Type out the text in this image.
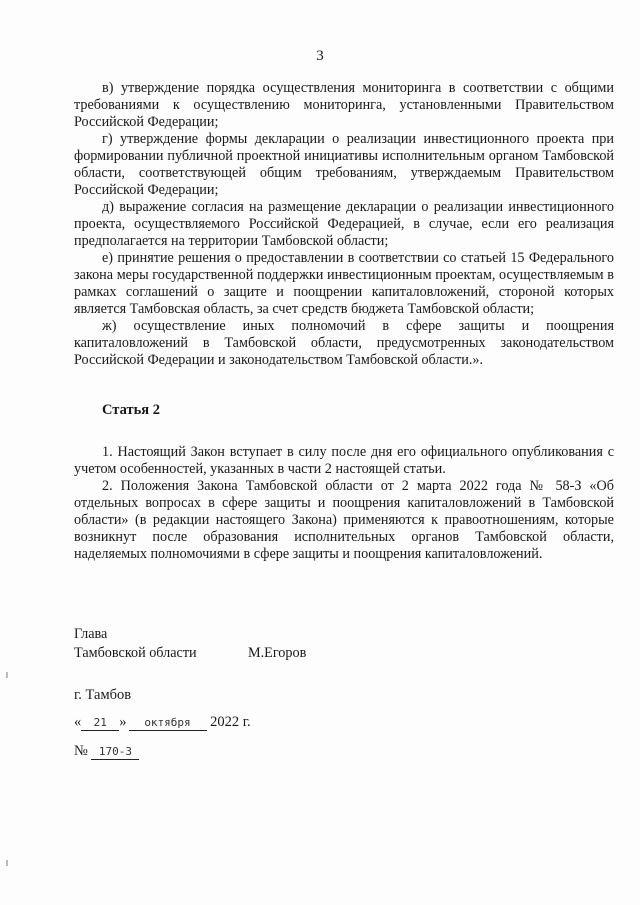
3

в) утверждение порядка осуществления мониторинга в соответствии с общими требованиями к осуществлению мониторинга, установленными Правительством Российской Федерации;

г) утверждение формы декларации о реализации инвестиционного проекта при формировании публичной проектной инициативы исполнительным органом Тамбовской области, соответствующей общим требованиям, утверждаемым Правительством Российской Федерации;

д) выражение согласия на размещение декларации о реализации инвестиционного проекта, осуществляемого Российской Федерацией, в случае, если его реализация предполагается на территории Тамбовской области;

е) принятие решения о предоставлении в соответствии со статьей 15 Федерального закона меры государственной поддержки инвестиционным проектам, осуществляемым в рамках соглашений о защите и поощрении капиталовложений, стороной которых является Тамбовская область, за счет средств бюджета Тамбовской области;

ж) осуществление иных полномочий в сфере защиты и поощрения капиталовложений в Тамбовской области, предусмотренных законодательством Российской Федерации и законодательством Тамбовской области.».

Статья 2

1. Настоящий Закон вступает в силу после дня его официального опубликования с учетом особенностей, указанных в части 2 настоящей статьи.

2. Положения Закона Тамбовской области от 2 марта 2022 года № 58-З «Об отдельных вопросах в сфере защиты и поощрения капиталовложений в Тамбовской области» (в редакции настоящего Закона) применяются к правоотношениям, которые возникнут после образования исполнительных органов Тамбовской области, наделяемых полномочиями в сфере защиты и поощрения капиталовложений.

Глава
Тамбовской области	М.Егоров
г. Тамбов
« 21 » октября 2022 г.
№ 170-З
